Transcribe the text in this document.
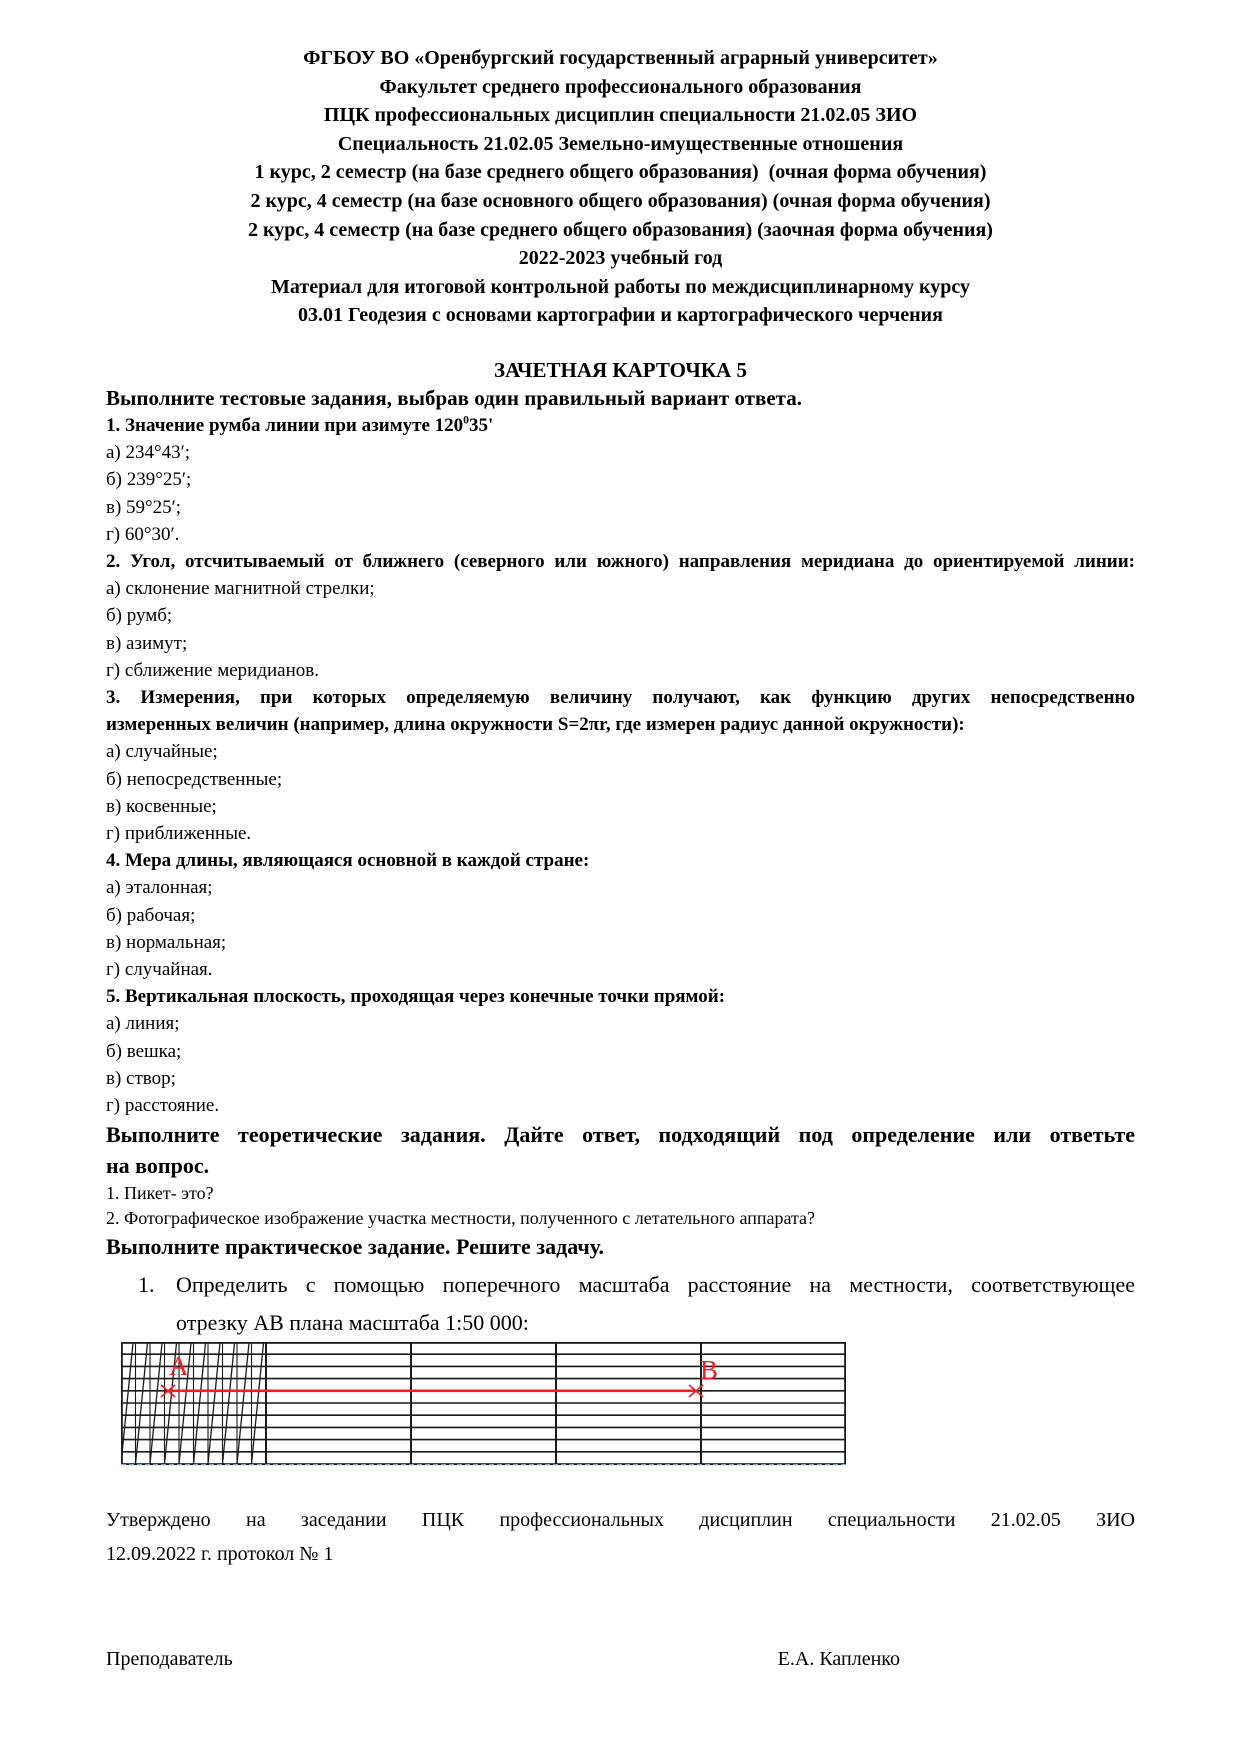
ФГБОУ ВО «Оренбургский государственный аграрный университет»
Факультет среднего профессионального образования
ПЦК профессиональных дисциплин специальности 21.02.05 ЗИО
Специальность 21.02.05 Земельно-имущественные отношения
1 курс, 2 семестр (на базе среднего общего образования)  (очная форма обучения)
2 курс, 4 семестр (на базе основного общего образования) (очная форма обучения)
2 курс, 4 семестр (на базе среднего общего образования) (заочная форма обучения)
2022-2023 учебный год
Материал для итоговой контрольной работы по междисциплинарному курсу
03.01 Геодезия с основами картографии и картографического черчения
ЗАЧЕТНАЯ КАРТОЧКА 5

Выполните тестовые задания, выбрав один правильный вариант ответа.

1. Значение румба линии при азимуте $120^035'$

а) 234°43′;

б) 239°25′;

в) 59°25′;

г) 60°30′.

2. Угол, отсчитываемый от ближнего (северного или южного) направления меридиана до ориентируемой линии:

а) склонение магнитной стрелки;

б) румб;

в) азимут;

г) сближение меридианов.

3. Измерения, при которых определяемую величину получают, как функцию других непосредственно
измеренных величин (например, длина окружности S=2πr, где измерен радиус данной окружности):

а) случайные;

б) непосредственные;

в) косвенные;

г) приближенные.

4. Мера длины, являющаяся основной в каждой стране:

а) эталонная;

б) рабочая;

в) нормальная;

г) случайная.

5. Вертикальная плоскость, проходящая через конечные точки прямой:

а) линия;

б) вешка;

в) створ;

г) расстояние.

Выполните теоретические задания. Дайте ответ, подходящий под определение или ответьте
на вопрос.

1. Пикет- это?

2. Фотографическое изображение участка местности, полученного с летательного аппарата?

Выполните практическое задание. Решите задачу.

1. Определить с помощью поперечного масштаба расстояние на местности, соответствующее
отрезку АВ плана масштаба 1:50 000:

А	В
Утверждено на заседании ПЦК профессиональных дисциплин специальности 21.02.05 ЗИО
12.09.2022 г. протокол № 1
Преподаватель	Е.А. Капленко
